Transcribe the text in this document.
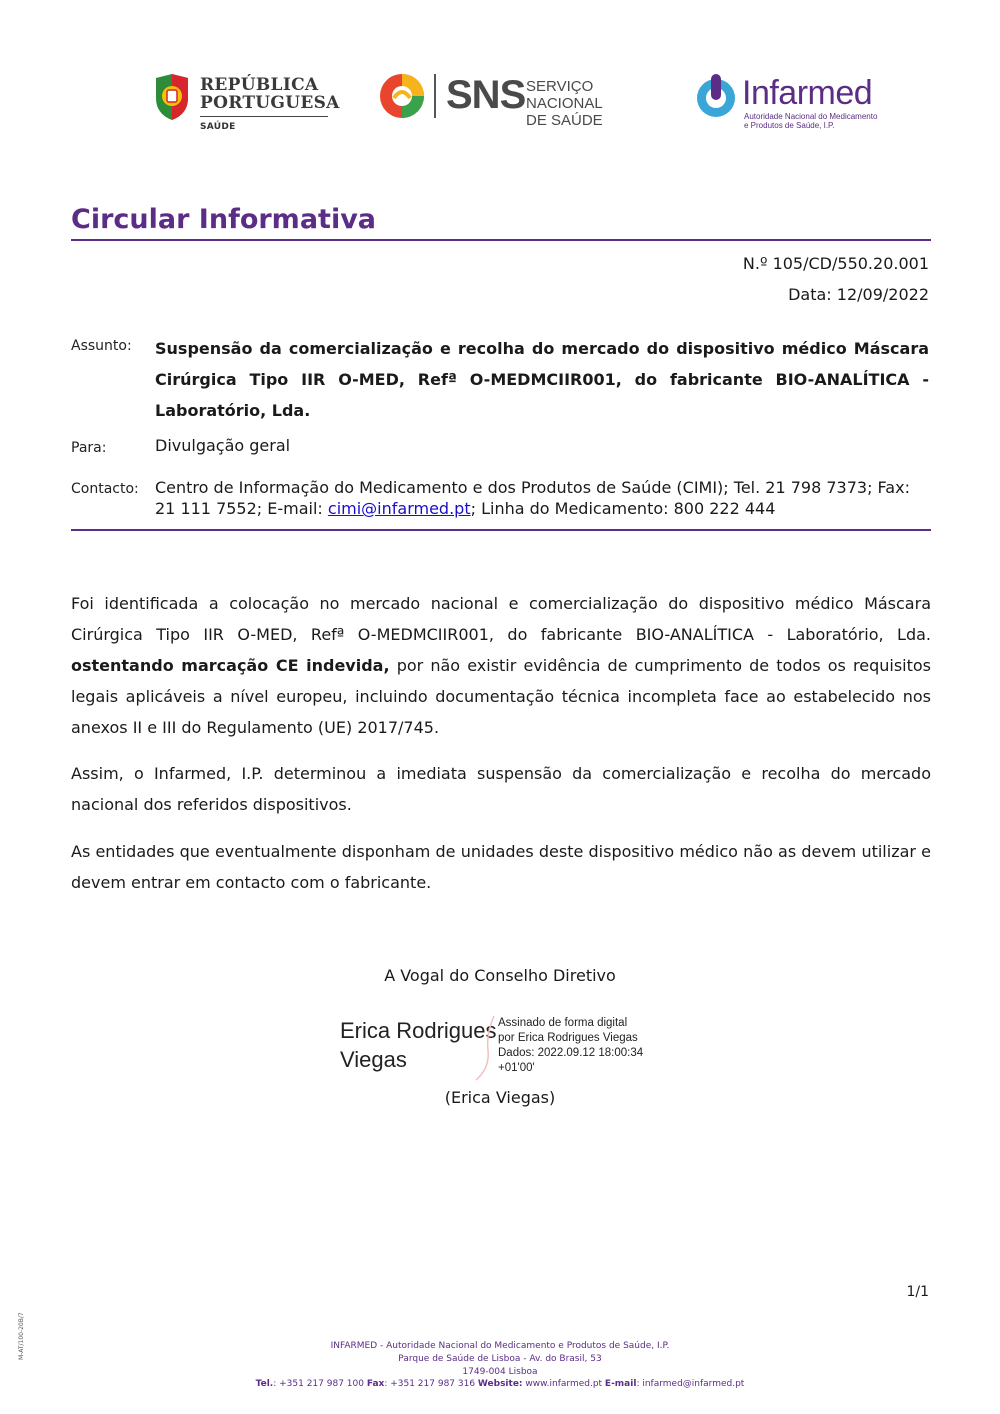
REPÚBLICA
PORTUGUESA
SAÚDE
SNS SERVIÇO NACIONAL
DE SAÚDE
Infarmed
Autoridade Nacional do Medicamento
e Produtos de Saúde, I.P.
Circular Informativa
N.º 105/CD/550.20.001
Data: 12/09/2022
Assunto: Suspensão da comercialização e recolha do mercado do dispositivo médico Máscara Cirúrgica Tipo IIR O-MED, Refª O-MEDMCIIR001, do fabricante BIO-ANALÍTICA - Laboratório, Lda.
Para:	Divulgação geral
Contacto: Centro de Informação do Medicamento e dos Produtos de Saúde (CIMI); Tel. 21 798 7373; Fax: 21 111 7552; E-mail: cimi@infarmed.pt; Linha do Medicamento: 800 222 444
Foi identificada a colocação no mercado nacional e comercialização do dispositivo médico Máscara Cirúrgica Tipo IIR O-MED, Refª O-MEDMCIIR001, do fabricante BIO-ANALÍTICA - Laboratório, Lda. ostentando marcação CE indevida, por não existir evidência de cumprimento de todos os requisitos legais aplicáveis a nível europeu, incluindo documentação técnica incompleta face ao estabelecido nos anexos II e III do Regulamento (UE) 2017/745.
Assim, o Infarmed, I.P. determinou a imediata suspensão da comercialização e recolha do mercado nacional dos referidos dispositivos.
As entidades que eventualmente disponham de unidades deste dispositivo médico não as devem utilizar e devem entrar em contacto com o fabricante.
A Vogal do Conselho Diretivo
Erica Rodrigues
Viegas
Assinado de forma digital
por Erica Rodrigues Viegas
Dados: 2022.09.12 18:00:34
+01'00'
(Erica Viegas)
1/1
M-AT/100-20B/7	INFARMED - Autoridade Nacional do Medicamento e Produtos de Saúde, I.P.
Parque de Saúde de Lisboa - Av. do Brasil, 53
1749-004 Lisboa
Tel.: +351 217 987 100 Fax: +351 217 987 316 Website: www.infarmed.pt E-mail: infarmed@infarmed.pt
